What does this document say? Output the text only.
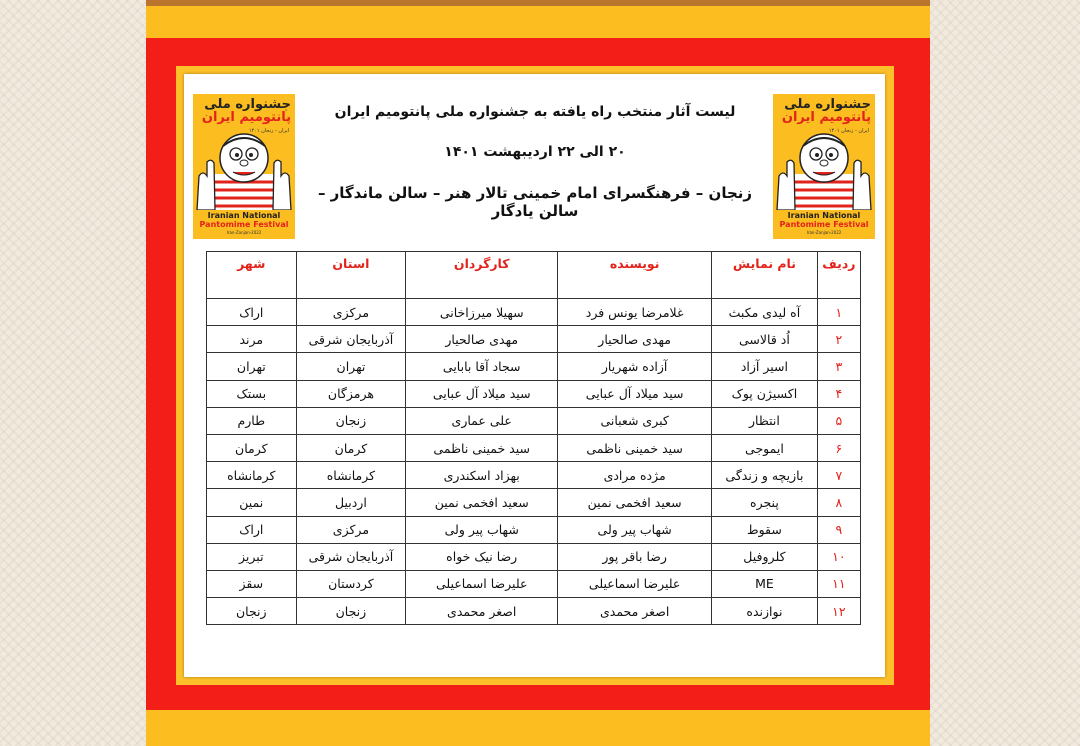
جشنواره ملی
پانتومیم ایران
ایران - زنجان ۱۴۰۱
Iranian National
Pantomime Festival
Iran-Zanjan-2022
جشنواره ملی
پانتومیم ایران
ایران - زنجان ۱۴۰۱
Iranian National
Pantomime Festival
Iran-Zanjan-2022
لیست آثار منتخب راه یافته به جشنواره ملی پانتومیم ایران
۲۰ الی ۲۲ اردیبهشت ۱۴۰۱
زنجان – فرهنگسرای امام خمینی تالار هنر – سالن ماندگار – سالن یادگار
ردیف	نام نمایش	نویسنده	کارگردان	استان	شهر
۱	آه لیدی مکبث	غلامرضا یونس فرد	سهیلا میرزاخانی	مرکزی	اراک
۲	اُد قالاسی	مهدی صالحیار	مهدی صالحیار	آذربایجان شرقی	مرند
۳	اسیر آزاد	آزاده شهریار	سجاد آقا بابایی	تهران	تهران
۴	اکسیژن پوک	سید میلاد آل عبایی	سید میلاد آل عبایی	هرمزگان	بستک
۵	انتظار	کبری شعبانی	علی عماری	زنجان	طارم
۶	ایموجی	سید خمینی ناظمی	سید خمینی ناظمی	کرمان	کرمان
۷	بازیچه و زندگی	مژده مرادی	بهزاد اسکندری	کرمانشاه	کرمانشاه
۸	پنجره	سعید افخمی نمین	سعید افخمی نمین	اردبیل	نمین
۹	سقوط	شهاب پیر ولی	شهاب پیر ولی	مرکزی	اراک
۱۰	کلروفیل	رضا باقر پور	رضا نیک خواه	آذربایجان شرقی	تبریز
۱۱	ME	علیرضا اسماعیلی	علیرضا اسماعیلی	کردستان	سقز
۱۲	نوازنده	اصغر محمدی	اصغر محمدی	زنجان	زنجان
